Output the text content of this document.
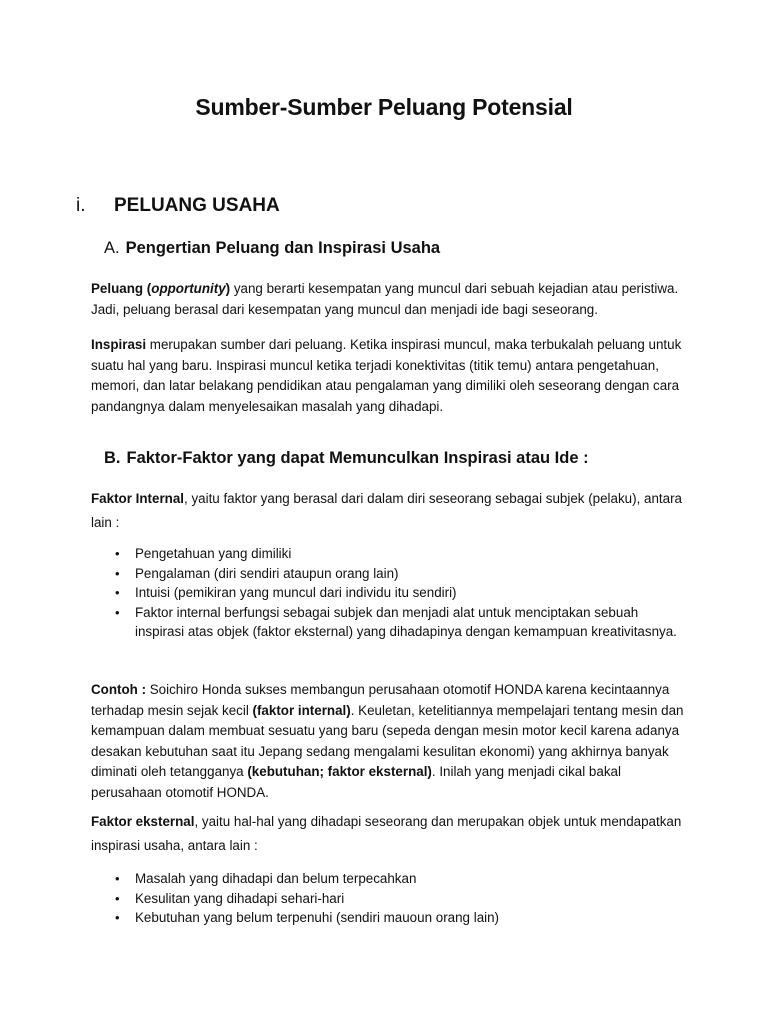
Sumber-Sumber Peluang Potensial
i. PELUANG USAHA
A. Pengertian Peluang dan Inspirasi Usaha

Peluang (opportunity) yang berarti kesempatan yang muncul dari sebuah kejadian atau peristiwa. Jadi, peluang berasal dari kesempatan yang muncul dan menjadi ide bagi seseorang.

Inspirasi merupakan sumber dari peluang. Ketika inspirasi muncul, maka terbukalah peluang untuk suatu hal yang baru. Inspirasi muncul ketika terjadi konektivitas (titik temu) antara pengetahuan, memori, dan latar belakang pendidikan atau pengalaman yang dimiliki oleh seseorang dengan cara pandangnya dalam menyelesaikan masalah yang dihadapi.

B. Faktor-Faktor yang dapat Memunculkan Inspirasi atau Ide :

Faktor Internal, yaitu faktor yang berasal dari dalam diri seseorang sebagai subjek (pelaku), antara lain :

• Pengetahuan yang dimiliki
• Pengalaman (diri sendiri ataupun orang lain)
• Intuisi (pemikiran yang muncul dari individu itu sendiri)
• Faktor internal berfungsi sebagai subjek dan menjadi alat untuk menciptakan sebuah inspirasi atas objek (faktor eksternal) yang dihadapinya dengan kemampuan kreativitasnya.

Contoh : Soichiro Honda sukses membangun perusahaan otomotif HONDA karena kecintaannya terhadap mesin sejak kecil (faktor internal). Keuletan, ketelitiannya mempelajari tentang mesin dan kemampuan dalam membuat sesuatu yang baru (sepeda dengan mesin motor kecil karena adanya desakan kebutuhan saat itu Jepang sedang mengalami kesulitan ekonomi) yang akhirnya banyak diminati oleh tetangganya (kebutuhan; faktor eksternal). Inilah yang menjadi cikal bakal perusahaan otomotif HONDA.

Faktor eksternal, yaitu hal-hal yang dihadapi seseorang dan merupakan objek untuk mendapatkan inspirasi usaha, antara lain :

• Masalah yang dihadapi dan belum terpecahkan
• Kesulitan yang dihadapi sehari-hari
• Kebutuhan yang belum terpenuhi (sendiri mauoun orang lain)
